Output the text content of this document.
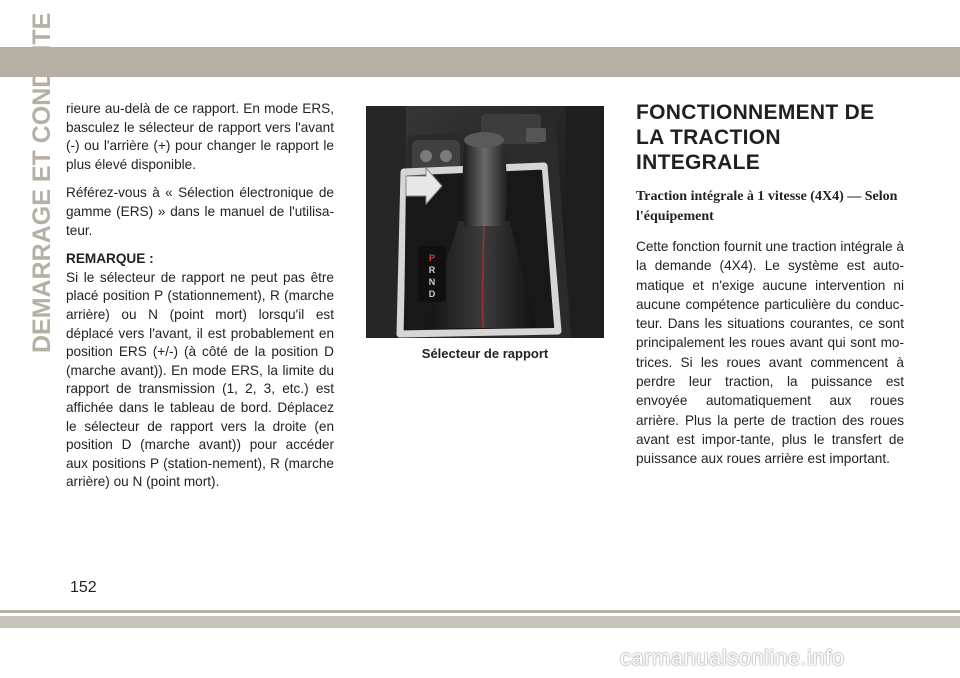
DEMARRAGE ET CONDUITE rieure au-delà de ce rapport. En mode ERS, basculez le sélecteur de rapport vers l'avant (-) ou l'arrière (+) pour changer le rapport le plus élevé disponible.

Référez-vous à « Sélection électronique de gamme (ERS) » dans le manuel de l'utilisa-teur.

REMARQUE :

Si le sélecteur de rapport ne peut pas être placé position P (stationnement), R (marche arrière) ou N (point mort) lorsqu'il est déplacé vers l'avant, il est probablement en position ERS (+/-) (à côté de la position D (marche avant)). En mode ERS, la limite du rapport de transmission (1, 2, 3, etc.) est affichée dans le tableau de bord. Déplacez le sélecteur de rapport vers la droite (en position D (marche avant)) pour accéder aux positions P (station-nement), R (marche arrière) ou N (point mort).

P
R
N
D
Sélecteur de rapport
FONCTIONNEMENT DE LA TRACTION INTEGRALE
Traction intégrale à 1 vitesse (4X4) — Selon l'équipement

Cette fonction fournit une traction intégrale à la demande (4X4). Le système est auto-matique et n'exige aucune intervention ni aucune compétence particulière du conduc-teur. Dans les situations courantes, ce sont principalement les roues avant qui sont mo-trices. Si les roues avant commencent à perdre leur traction, la puissance est envoyée automatiquement aux roues arrière. Plus la perte de traction des roues avant est impor-tante, plus le transfert de puissance aux roues arrière est important.

152
carmanualsonline.info
